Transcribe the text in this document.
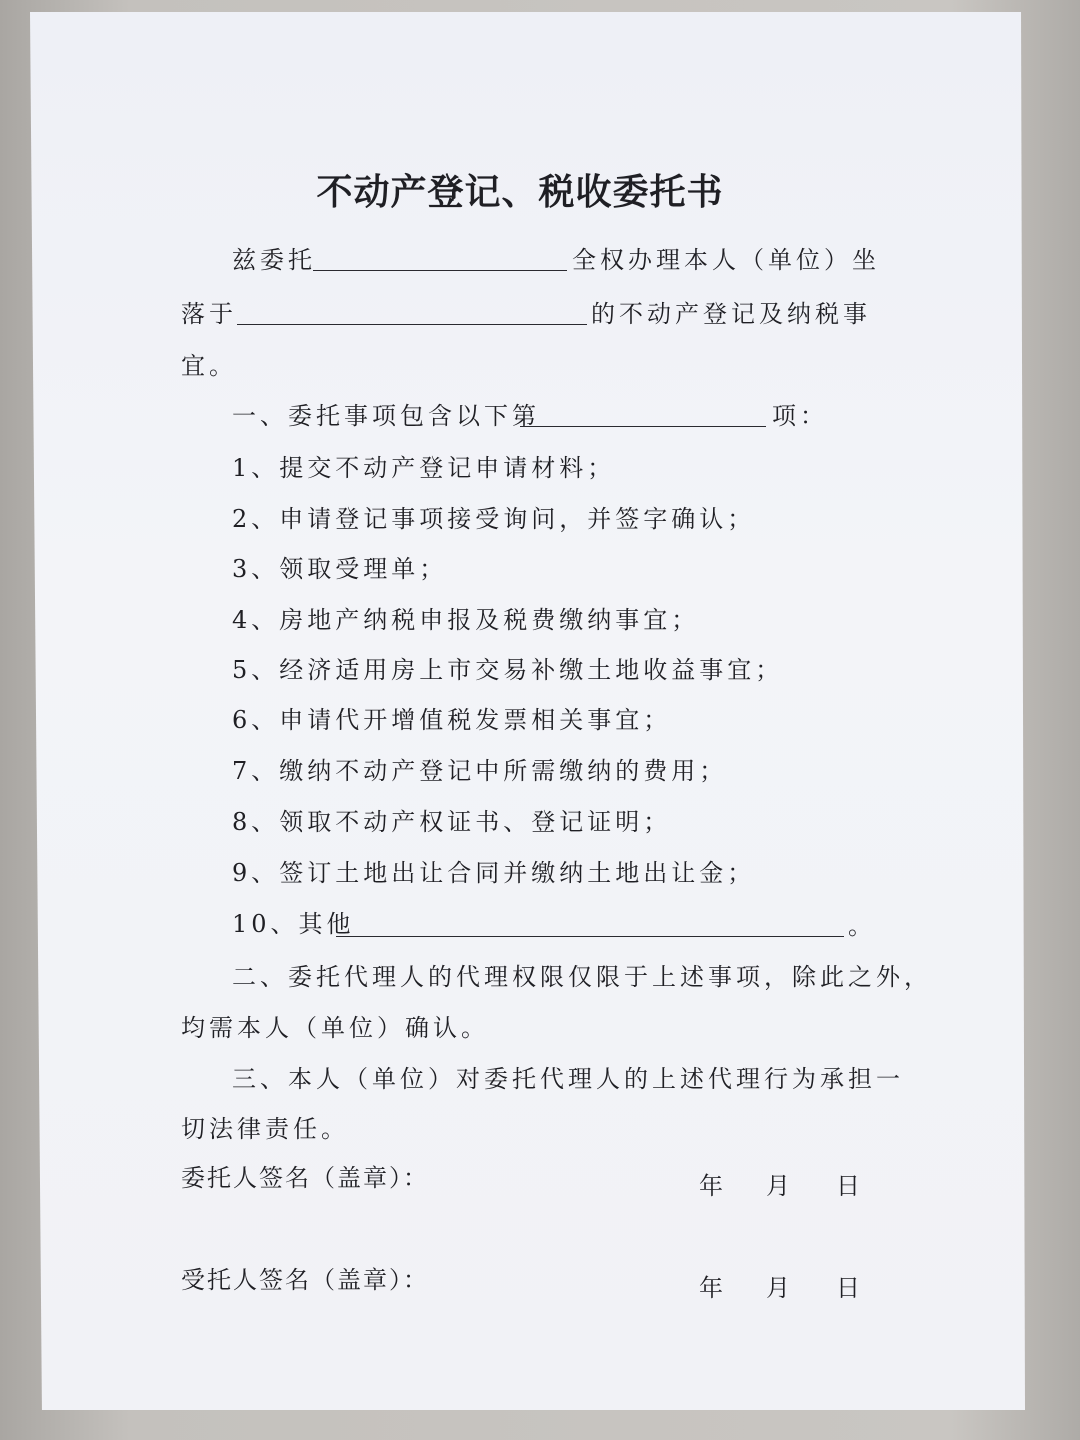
不动产登记、税收委托书
兹委托	全权办理本人（单位）坐
落于	的不动产登记及纳税事
宜。
一、委托事项包含以下第	项：
1、提交不动产登记申请材料；
2、申请登记事项接受询问，并签字确认；
3、领取受理单；
4、房地产纳税申报及税费缴纳事宜；
5、经济适用房上市交易补缴土地收益事宜；
6、申请代开增值税发票相关事宜；
7、缴纳不动产登记中所需缴纳的费用；
8、领取不动产权证书、登记证明；
9、签订土地出让合同并缴纳土地出让金；
10、其他	。
二、委托代理人的代理权限仅限于上述事项，除此之外，
均需本人（单位）确认。
三、本人（单位）对委托代理人的上述代理行为承担一
切法律责任。
委托人签名（盖章）：	年 月 日
受托人签名（盖章）：	年 月 日
